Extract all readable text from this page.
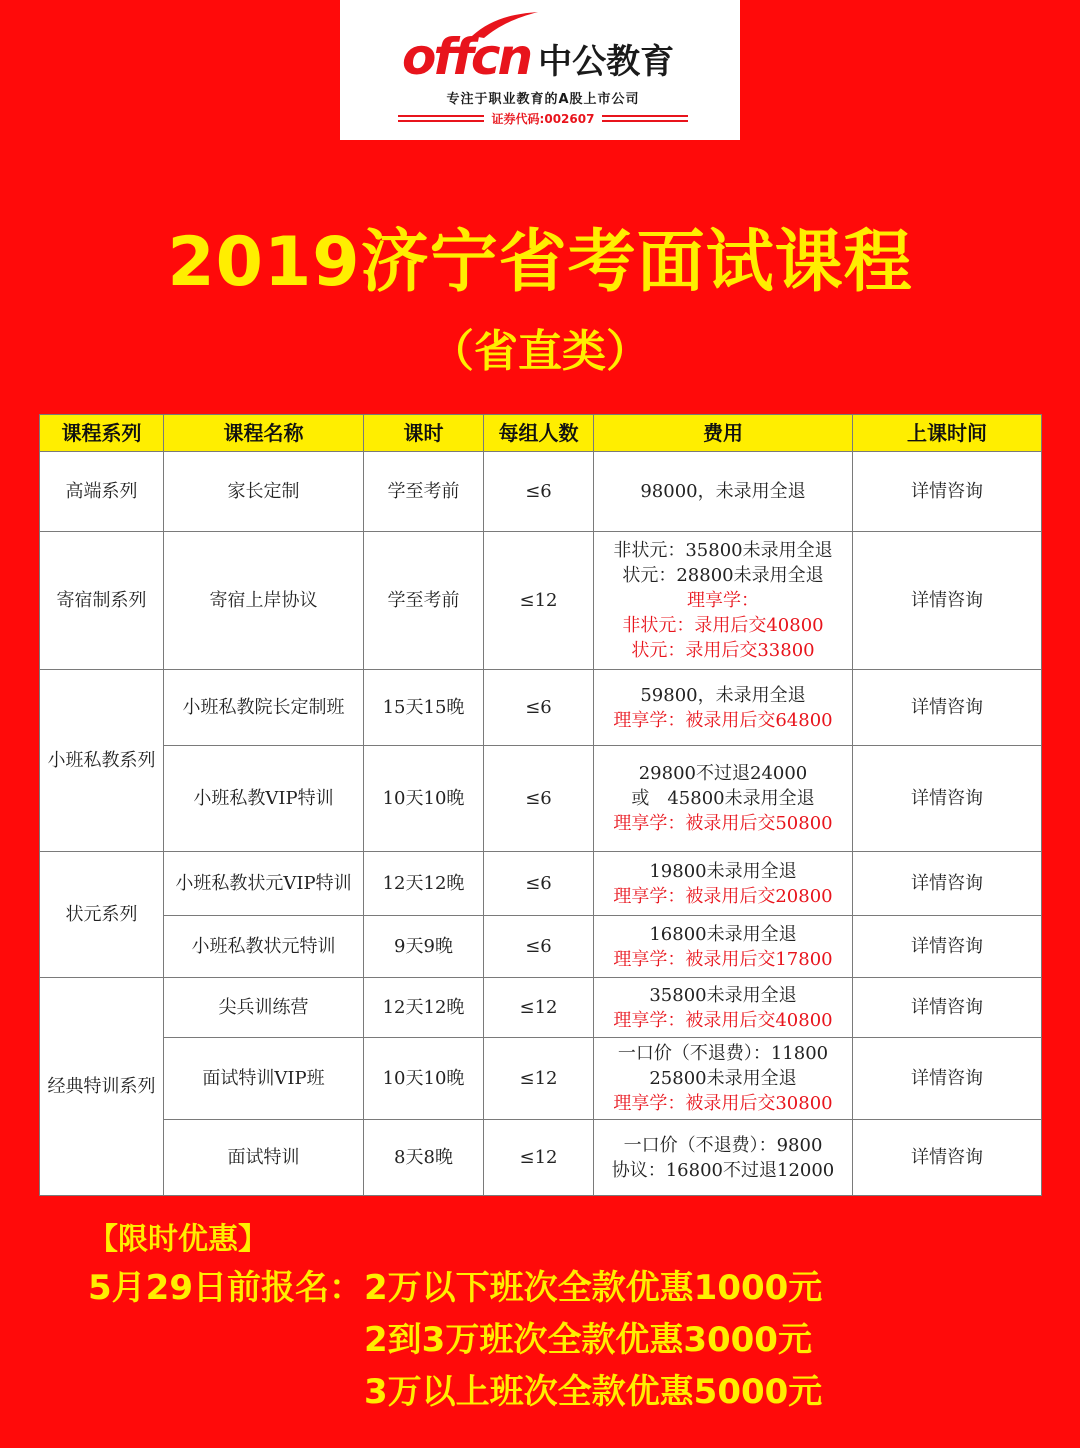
offcn 中公教育
专注于职业教育的A股上市公司
证券代码:002607
2019济宁省考面试课程
（省直类）
课程系列	课程名称	课时	每组人数	费用	上课时间
高端系列	家长定制	学至考前	≤6	98000，未录用全退	详情咨询
寄宿制系列	寄宿上岸协议	学至考前	≤12	非状元：35800未录用全退
状元：28800未录用全退
理享学：
非状元：录用后交40800
状元：录用后交33800	详情咨询
小班私教系列	小班私教院长定制班	15天15晚	≤6	59800，未录用全退
理享学：被录用后交64800	详情咨询
	小班私教VIP特训	10天10晚	≤6	29800不过退24000
或　45800未录用全退
理享学：被录用后交50800	详情咨询
状元系列	小班私教状元VIP特训	12天12晚	≤6	19800未录用全退
理享学：被录用后交20800	详情咨询
	小班私教状元特训	9天9晚	≤6	16800未录用全退
理享学：被录用后交17800	详情咨询
经典特训系列	尖兵训练营	12天12晚	≤12	35800未录用全退
理享学：被录用后交40800	详情咨询
	面试特训VIP班	10天10晚	≤12	一口价（不退费）：11800
25800未录用全退
理享学：被录用后交30800	详情咨询
	面试特训	8天8晚	≤12	一口价（不退费）：9800
协议：16800不过退12000	详情咨询
【限时优惠】
5月29日前报名： 2万以下班次全款优惠1000元
2到3万班次全款优惠3000元
3万以上班次全款优惠5000元
